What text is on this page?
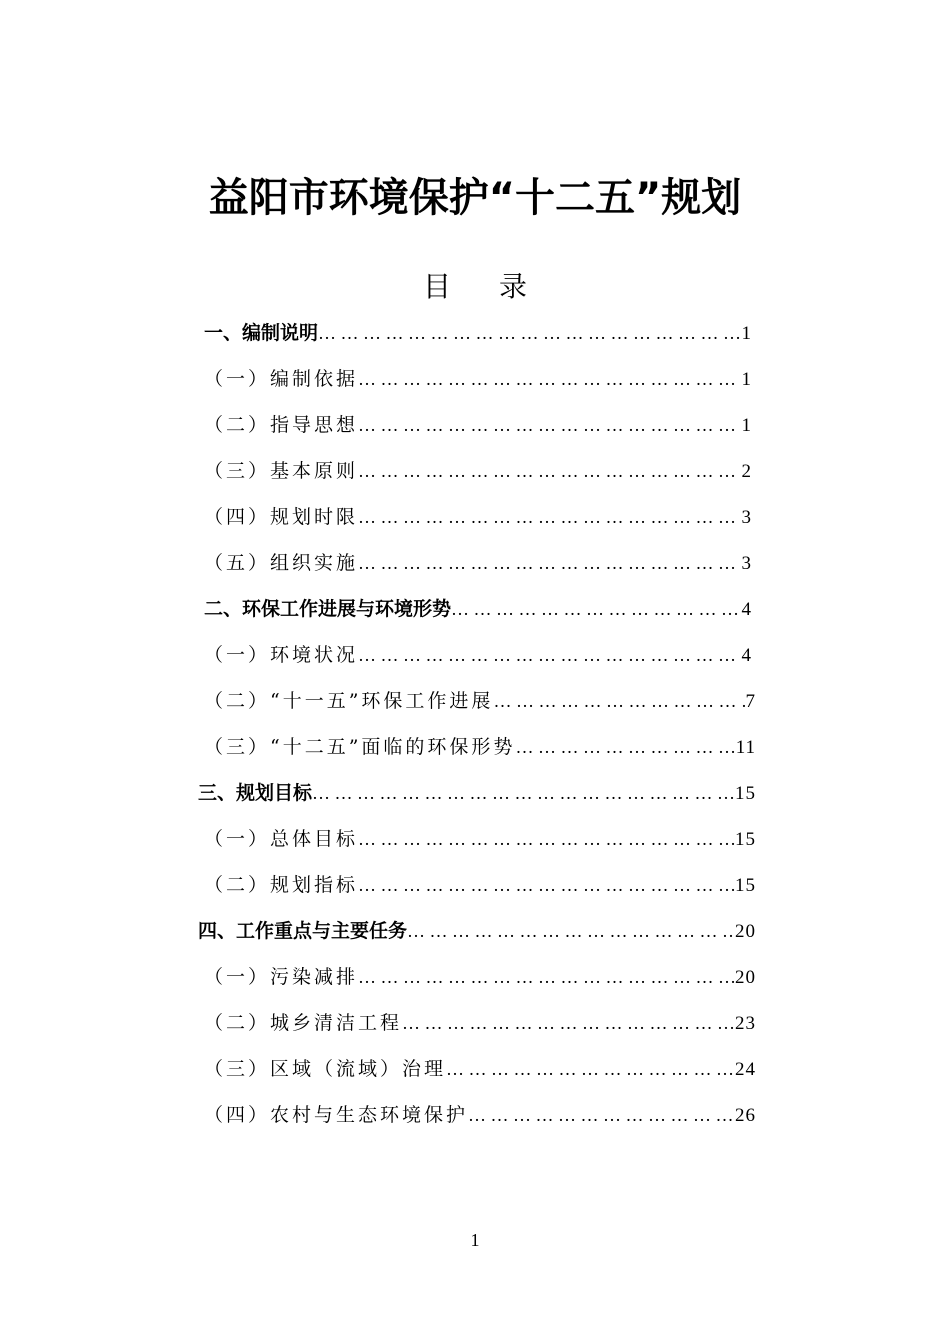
益阳市环境保护“十二五”规划
目录
一、编制说明 … … … … … … … … … … … … … … … … … … … … … … … … … … … … … … … … … … … … … … … … … … … … … … … … … … … … … … …	1
（一）编制依据 … … … … … … … … … … … … … … … … … … … … … … … … … … … … … … … … … … … … … … … … … … … … … … … … … … … … … … …	1
（二）指导思想 … … … … … … … … … … … … … … … … … … … … … … … … … … … … … … … … … … … … … … … … … … … … … … … … … … … … … … …	1
（三）基本原则 … … … … … … … … … … … … … … … … … … … … … … … … … … … … … … … … … … … … … … … … … … … … … … … … … … … … … … …	2
（四）规划时限 … … … … … … … … … … … … … … … … … … … … … … … … … … … … … … … … … … … … … … … … … … … … … … … … … … … … … … …	3
（五）组织实施 … … … … … … … … … … … … … … … … … … … … … … … … … … … … … … … … … … … … … … … … … … … … … … … … … … … … … … …	3
二、环保工作进展与环境形势 … … … … … … … … … … … … … … … … … … … … … … … … … … … … … … … … … … … … … … … … … … … … … … … … … … … … … … …	4
（一）环境状况 … … … … … … … … … … … … … … … … … … … … … … … … … … … … … … … … … … … … … … … … … … … … … … … … … … … … … … …	4
（二）“十一五”环保工作进展 … … … … … … … … … … … … … … … … … … … … … … … … … … … … … … … … … … … … … … … … … … … … … … … … … … … … … … …	7
（三）“十二五”面临的环保形势 … … … … … … … … … … … … … … … … … … … … … … … … … … … … … … … … … … … … … … … … … … … … … … … … … … … … … … …	11
三、规划目标 … … … … … … … … … … … … … … … … … … … … … … … … … … … … … … … … … … … … … … … … … … … … … … … … … … … … … … …	15
（一）总体目标 … … … … … … … … … … … … … … … … … … … … … … … … … … … … … … … … … … … … … … … … … … … … … … … … … … … … … … …	15
（二）规划指标 … … … … … … … … … … … … … … … … … … … … … … … … … … … … … … … … … … … … … … … … … … … … … … … … … … … … … … …	15
四、工作重点与主要任务 … … … … … … … … … … … … … … … … … … … … … … … … … … … … … … … … … … … … … … … … … … … … … … … … … … … … … … …	20
（一）污染减排 … … … … … … … … … … … … … … … … … … … … … … … … … … … … … … … … … … … … … … … … … … … … … … … … … … … … … … …	20
（二）城乡清洁工程 … … … … … … … … … … … … … … … … … … … … … … … … … … … … … … … … … … … … … … … … … … … … … … … … … … … … … … …	23
（三）区域（流域）治理 … … … … … … … … … … … … … … … … … … … … … … … … … … … … … … … … … … … … … … … … … … … … … … … … … … … … … … …	24
（四）农村与生态环境保护 … … … … … … … … … … … … … … … … … … … … … … … … … … … … … … … … … … … … … … … … … … … … … … … … … … … … … … …	26
1
